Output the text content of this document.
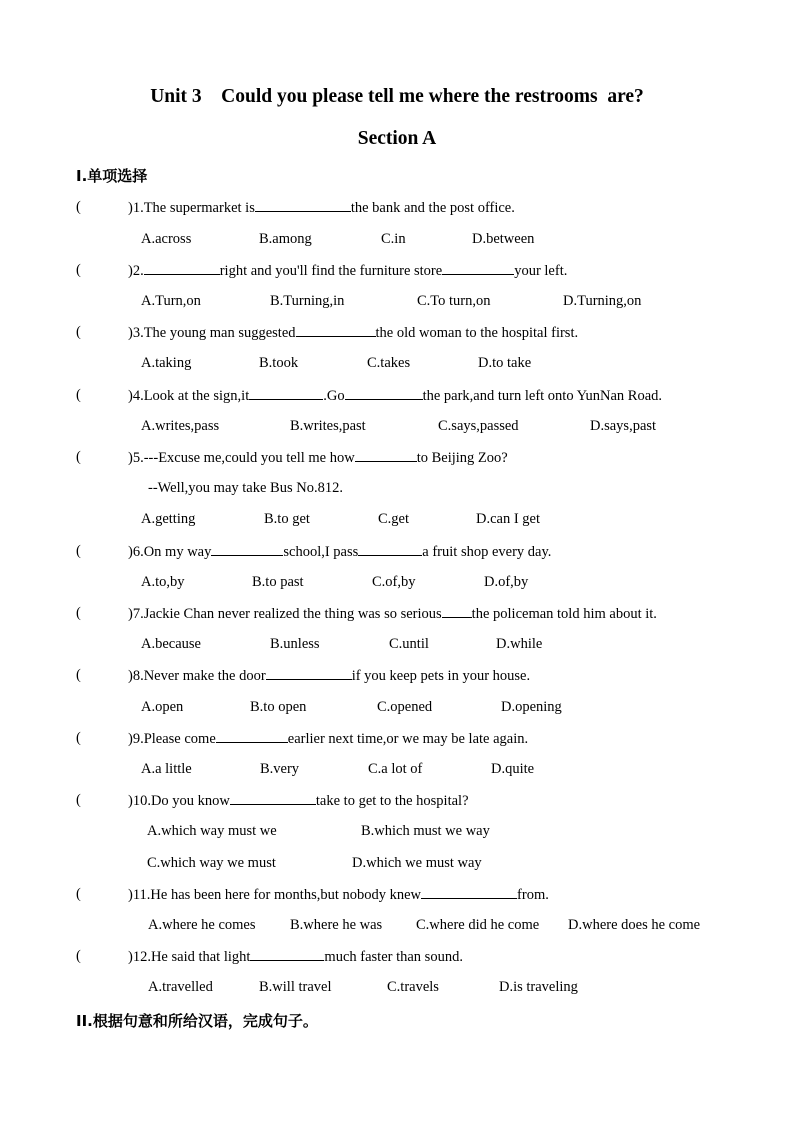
Unit 3    Could you please tell me where the restrooms  are?
Section A
I.单项选择
(	)1.The supermarket is	the bank and the post office.
A.across	B.among	C.in	D.between
(	)2.	right and you'll find the furniture store	your left.
A.Turn,on	B.Turning,in	C.To turn,on	D.Turning,on
(	)3.The young man suggested	the old woman to the hospital first.
A.taking	B.took	C.takes	D.to take
(	)4.Look at the sign,it	.Go	the park,and turn left onto YunNan Road.
A.writes,pass	B.writes,past	C.says,passed	D.says,past
(	)5.---Excuse me,could you tell me how	to Beijing Zoo?
--Well,you may take Bus No.812.
A.getting	B.to get	C.get	D.can I get
(	)6.On my way	school,I pass	a fruit shop every day.
A.to,by	B.to past	C.of,by	D.of,by
(	)7.Jackie Chan never realized the thing was so serious the policeman told him about it.
A.because	B.unless	C.until	D.while
(	)8.Never make the door	if you keep pets in your house.
A.open	B.to open	C.opened	D.opening
(	)9.Please come	earlier next time,or we may be late again.
A.a little	B.very	C.a lot of	D.quite
(	)10.Do you know	take to get to the hospital?
A.which way must we	B.which must we way
C.which way we must	D.which we must way
(	)11.He has been here for months,but nobody knew	from.
A.where he comes B.where he was C.where did he come D.where does he come
(	)12.He said that light	much faster than sound.
A.travelled	B.will travel	C.travels	D.is traveling
II.根据句意和所给汉语，完成句子。
